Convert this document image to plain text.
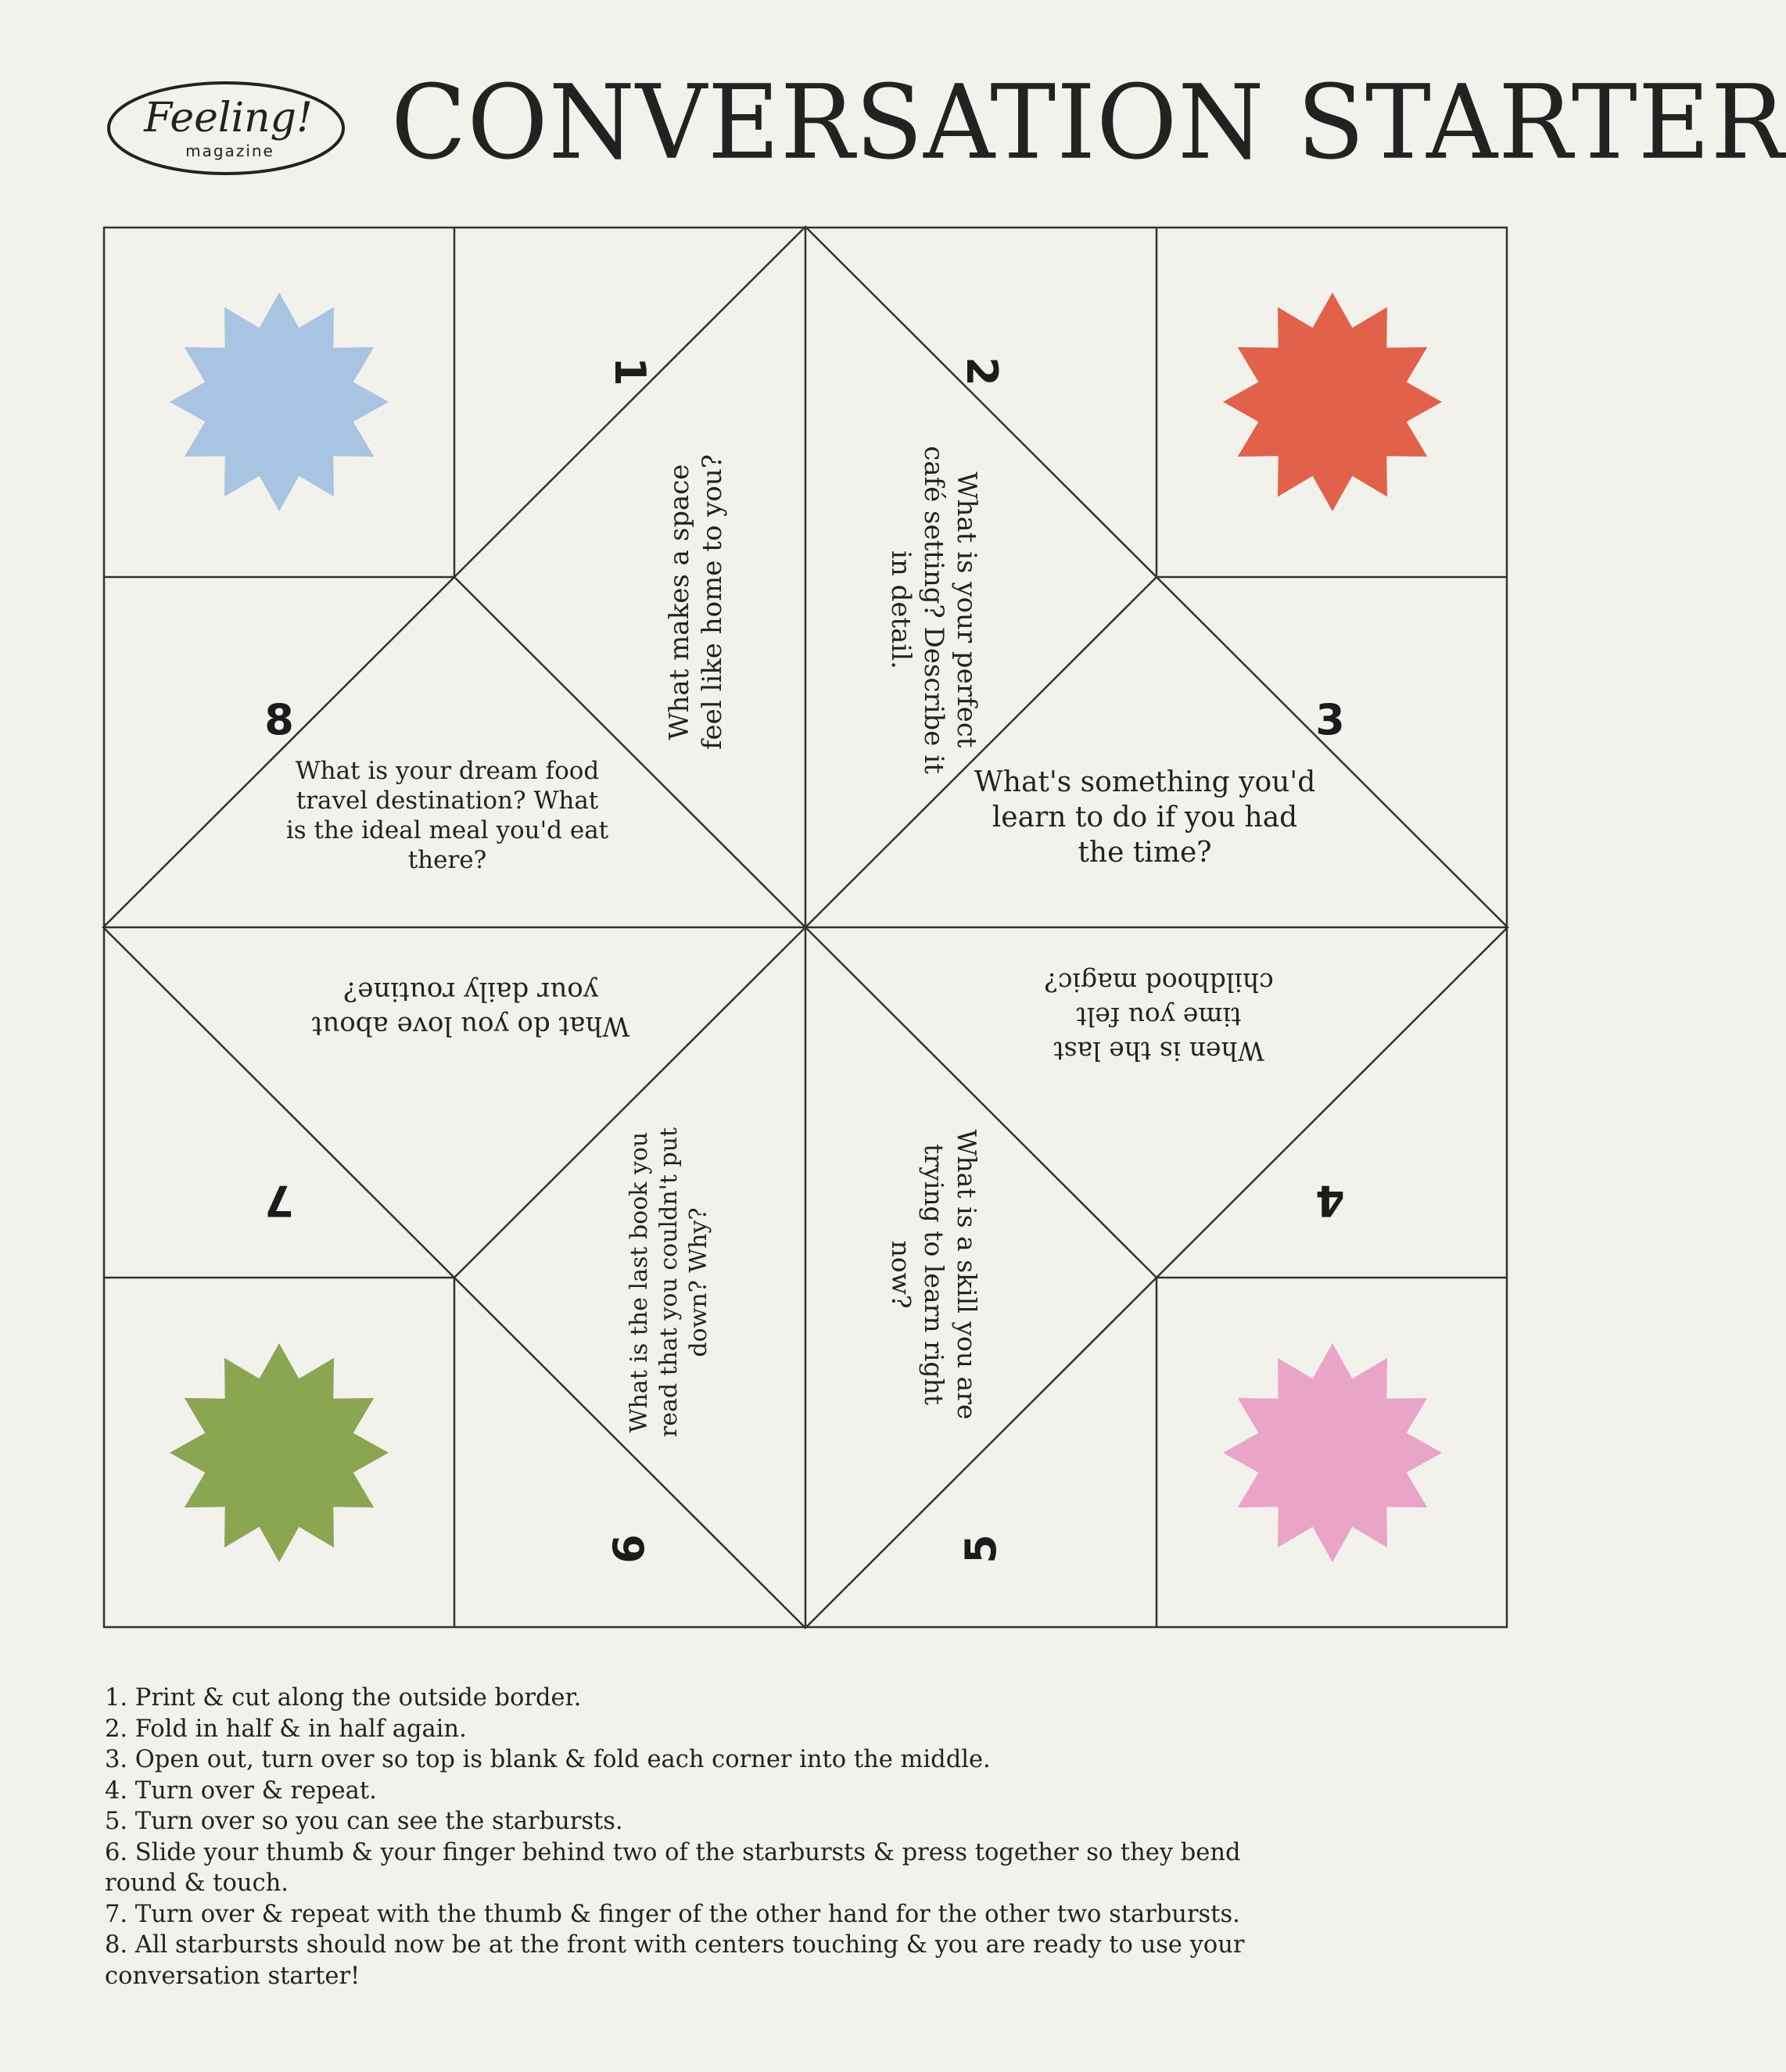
Feeling!
magazine CONVERSATION STARTER
1	2
3
4
5
6
7
8	What makes a space feel like home to you?	What is your perfect café setting? Describe it in detail.
What's something you'd learn to do if you had the time?
When is the last time you felt childhood magic?
What is a skill you are trying to learn right now?
What is the last book you read that you couldn't put down? Why?
What do you love about your daily routine?
What is your dream food travel destination? What is the ideal meal you'd eat there?
1. Print & cut along the outside border.
2. Fold in half & in half again.
3. Open out, turn over so top is blank & fold each corner into the middle.
4. Turn over & repeat.
5. Turn over so you can see the starbursts.
6. Slide your thumb & your finger behind two of the starbursts & press together so they bend round & touch.
7. Turn over & repeat with the thumb & finger of the other hand for the other two starbursts.
8. All starbursts should now be at the front with centers touching & you are ready to use your conversation starter!
